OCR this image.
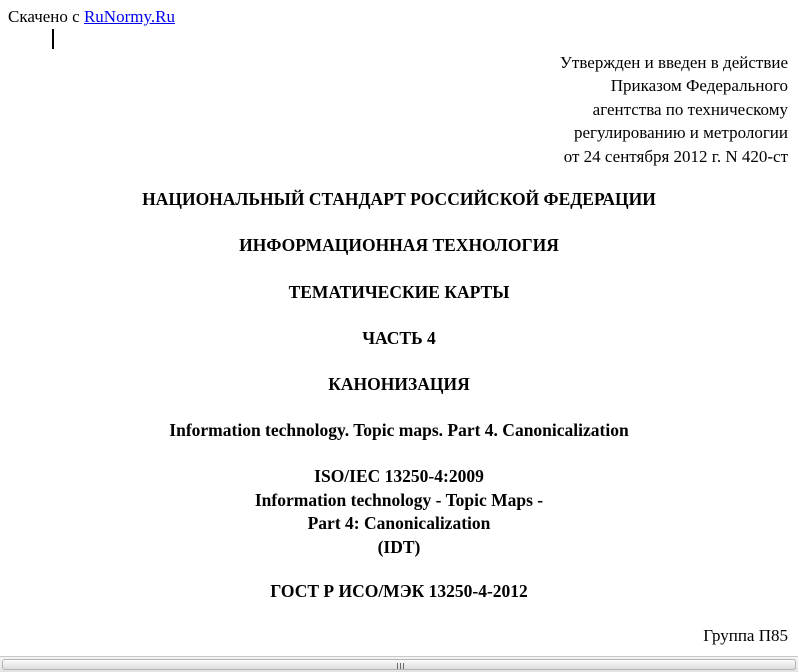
Скачено с RuNormy.Ru
Утвержден и введен в действие
Приказом Федерального
агентства по техническому
регулированию и метрологии
от 24 сентября 2012 г. N 420-ст
НАЦИОНАЛЬНЫЙ СТАНДАРТ РОССИЙСКОЙ ФЕДЕРАЦИИ
ИНФОРМАЦИОННАЯ ТЕХНОЛОГИЯ
ТЕМАТИЧЕСКИЕ КАРТЫ
ЧАСТЬ 4
КАНОНИЗАЦИЯ
Information technology. Topic maps. Part 4. Canonicalization
ISO/IEC 13250-4:2009
Information technology - Topic Maps -
Part 4: Canonicalization
(IDT)
ГОСТ Р ИСО/МЭК 13250-4-2012
Группа П85
